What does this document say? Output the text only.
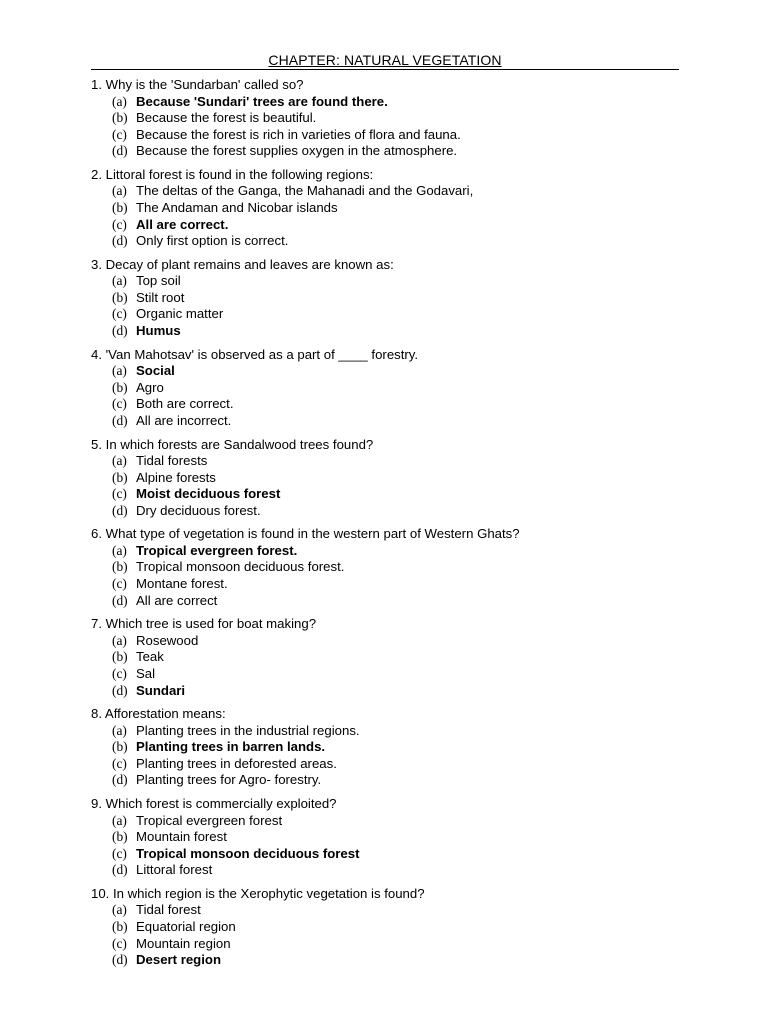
CHAPTER: NATURAL VEGETATION
1. Why is the 'Sundarban' called so?
(a) Because 'Sundari' trees are found there.
(b) Because the forest is beautiful.
(c) Because the forest is rich in varieties of flora and fauna.
(d) Because the forest supplies oxygen in the atmosphere.
2. Littoral forest is found in the following regions:
(a) The deltas of the Ganga, the Mahanadi and the Godavari,
(b) The Andaman and Nicobar islands
(c) All are correct.
(d) Only first option is correct.
3. Decay of plant remains and leaves are known as:
(a) Top soil
(b) Stilt root
(c) Organic matter
(d) Humus
4. 'Van Mahotsav' is observed as a part of ____ forestry.
(a) Social
(b) Agro
(c) Both are correct.
(d) All are incorrect.
5. In which forests are Sandalwood trees found?
(a) Tidal forests
(b) Alpine forests
(c) Moist deciduous forest
(d) Dry deciduous forest.
6. What type of vegetation is found in the western part of Western Ghats?
(a) Tropical evergreen forest.
(b) Tropical monsoon deciduous forest.
(c) Montane forest.
(d) All are correct
7. Which tree is used for boat making?
(a) Rosewood
(b) Teak
(c) Sal
(d) Sundari
8. Afforestation means:
(a) Planting trees in the industrial regions.
(b) Planting trees in barren lands.
(c) Planting trees in deforested areas.
(d) Planting trees for Agro- forestry.
9. Which forest is commercially exploited?
(a) Tropical evergreen forest
(b) Mountain forest
(c) Tropical monsoon deciduous forest
(d) Littoral forest
10. In which region is the Xerophytic vegetation is found?
(a) Tidal forest
(b) Equatorial region
(c) Mountain region
(d) Desert region
